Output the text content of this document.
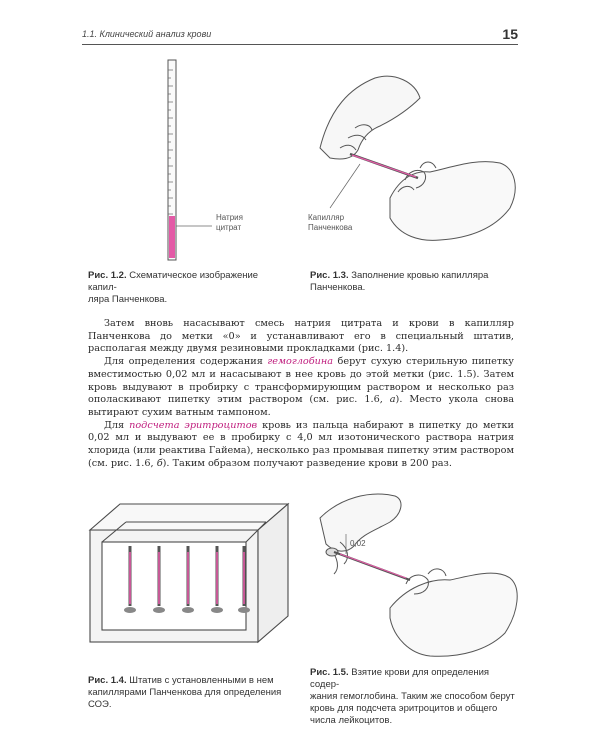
1.1. Клинический анализ крови	15
Натрия
цитрат
Капилляр
Панченкова
Рис. 1.2. Схематическое изображение капил-
ляра Панченкова.
Рис. 1.3. Заполнение кровью капилляра
Панченкова.

Затем вновь насасывают смесь натрия цитрата и крови в капилляр Панченкова до метки «0» и устанавливают его в специальный штатив, располагая между двумя резиновыми прокладками (рис. 1.4).

Для определения содержания гемоглобина берут сухую стерильную пипетку вместимостью 0,02 мл и насасывают в нее кровь до этой метки (рис. 1.5). Затем кровь выдувают в пробирку с трансформирующим раствором и несколько раз ополаскивают пипетку этим раствором (см. рис. 1.6, а). Место укола снова вытирают сухим ватным тампоном.

Для подсчета эритроцитов кровь из пальца набирают в пипетку до метки 0,02 мл и выдувают ее в пробирку с 4,0 мл изотонического раствора натрия хлорида (или реактива Гайема), несколько раз промывая пипетку этим раствором (см. рис. 1.6, б). Таким образом получают разведение крови в 200 раз.

0,02
Рис. 1.4. Штатив с установленными в нем
капиллярами Панченкова для определения
СОЭ.
Рис. 1.5. Взятие крови для определения содер-
жания гемоглобина. Таким же способом берут
кровь для подсчета эритроцитов и общего
числа лейкоцитов.
